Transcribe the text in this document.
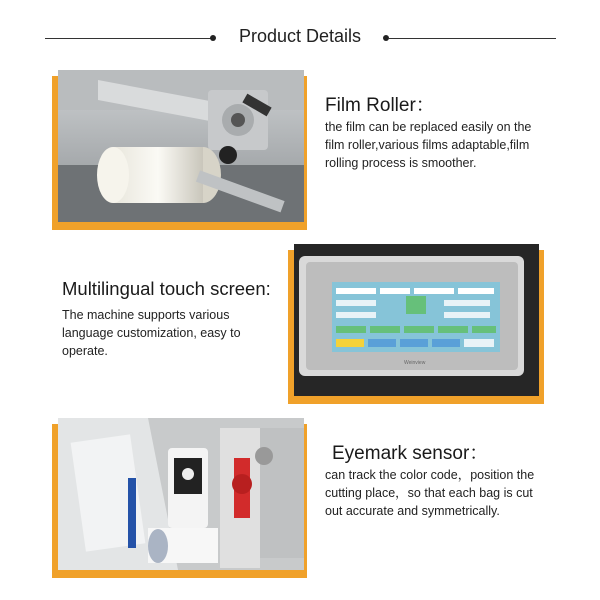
Product Details
Film Roller：
the film can be replaced easily on the film roller,various films adaptable,film rolling process is smoother.
Multilingual touch screen:
The machine supports various language customization, easy to operate.
Weinview
Eyemark sensor：
can track the color code，position the cutting place，so that each bag is cut out accurate and symmetrically.
